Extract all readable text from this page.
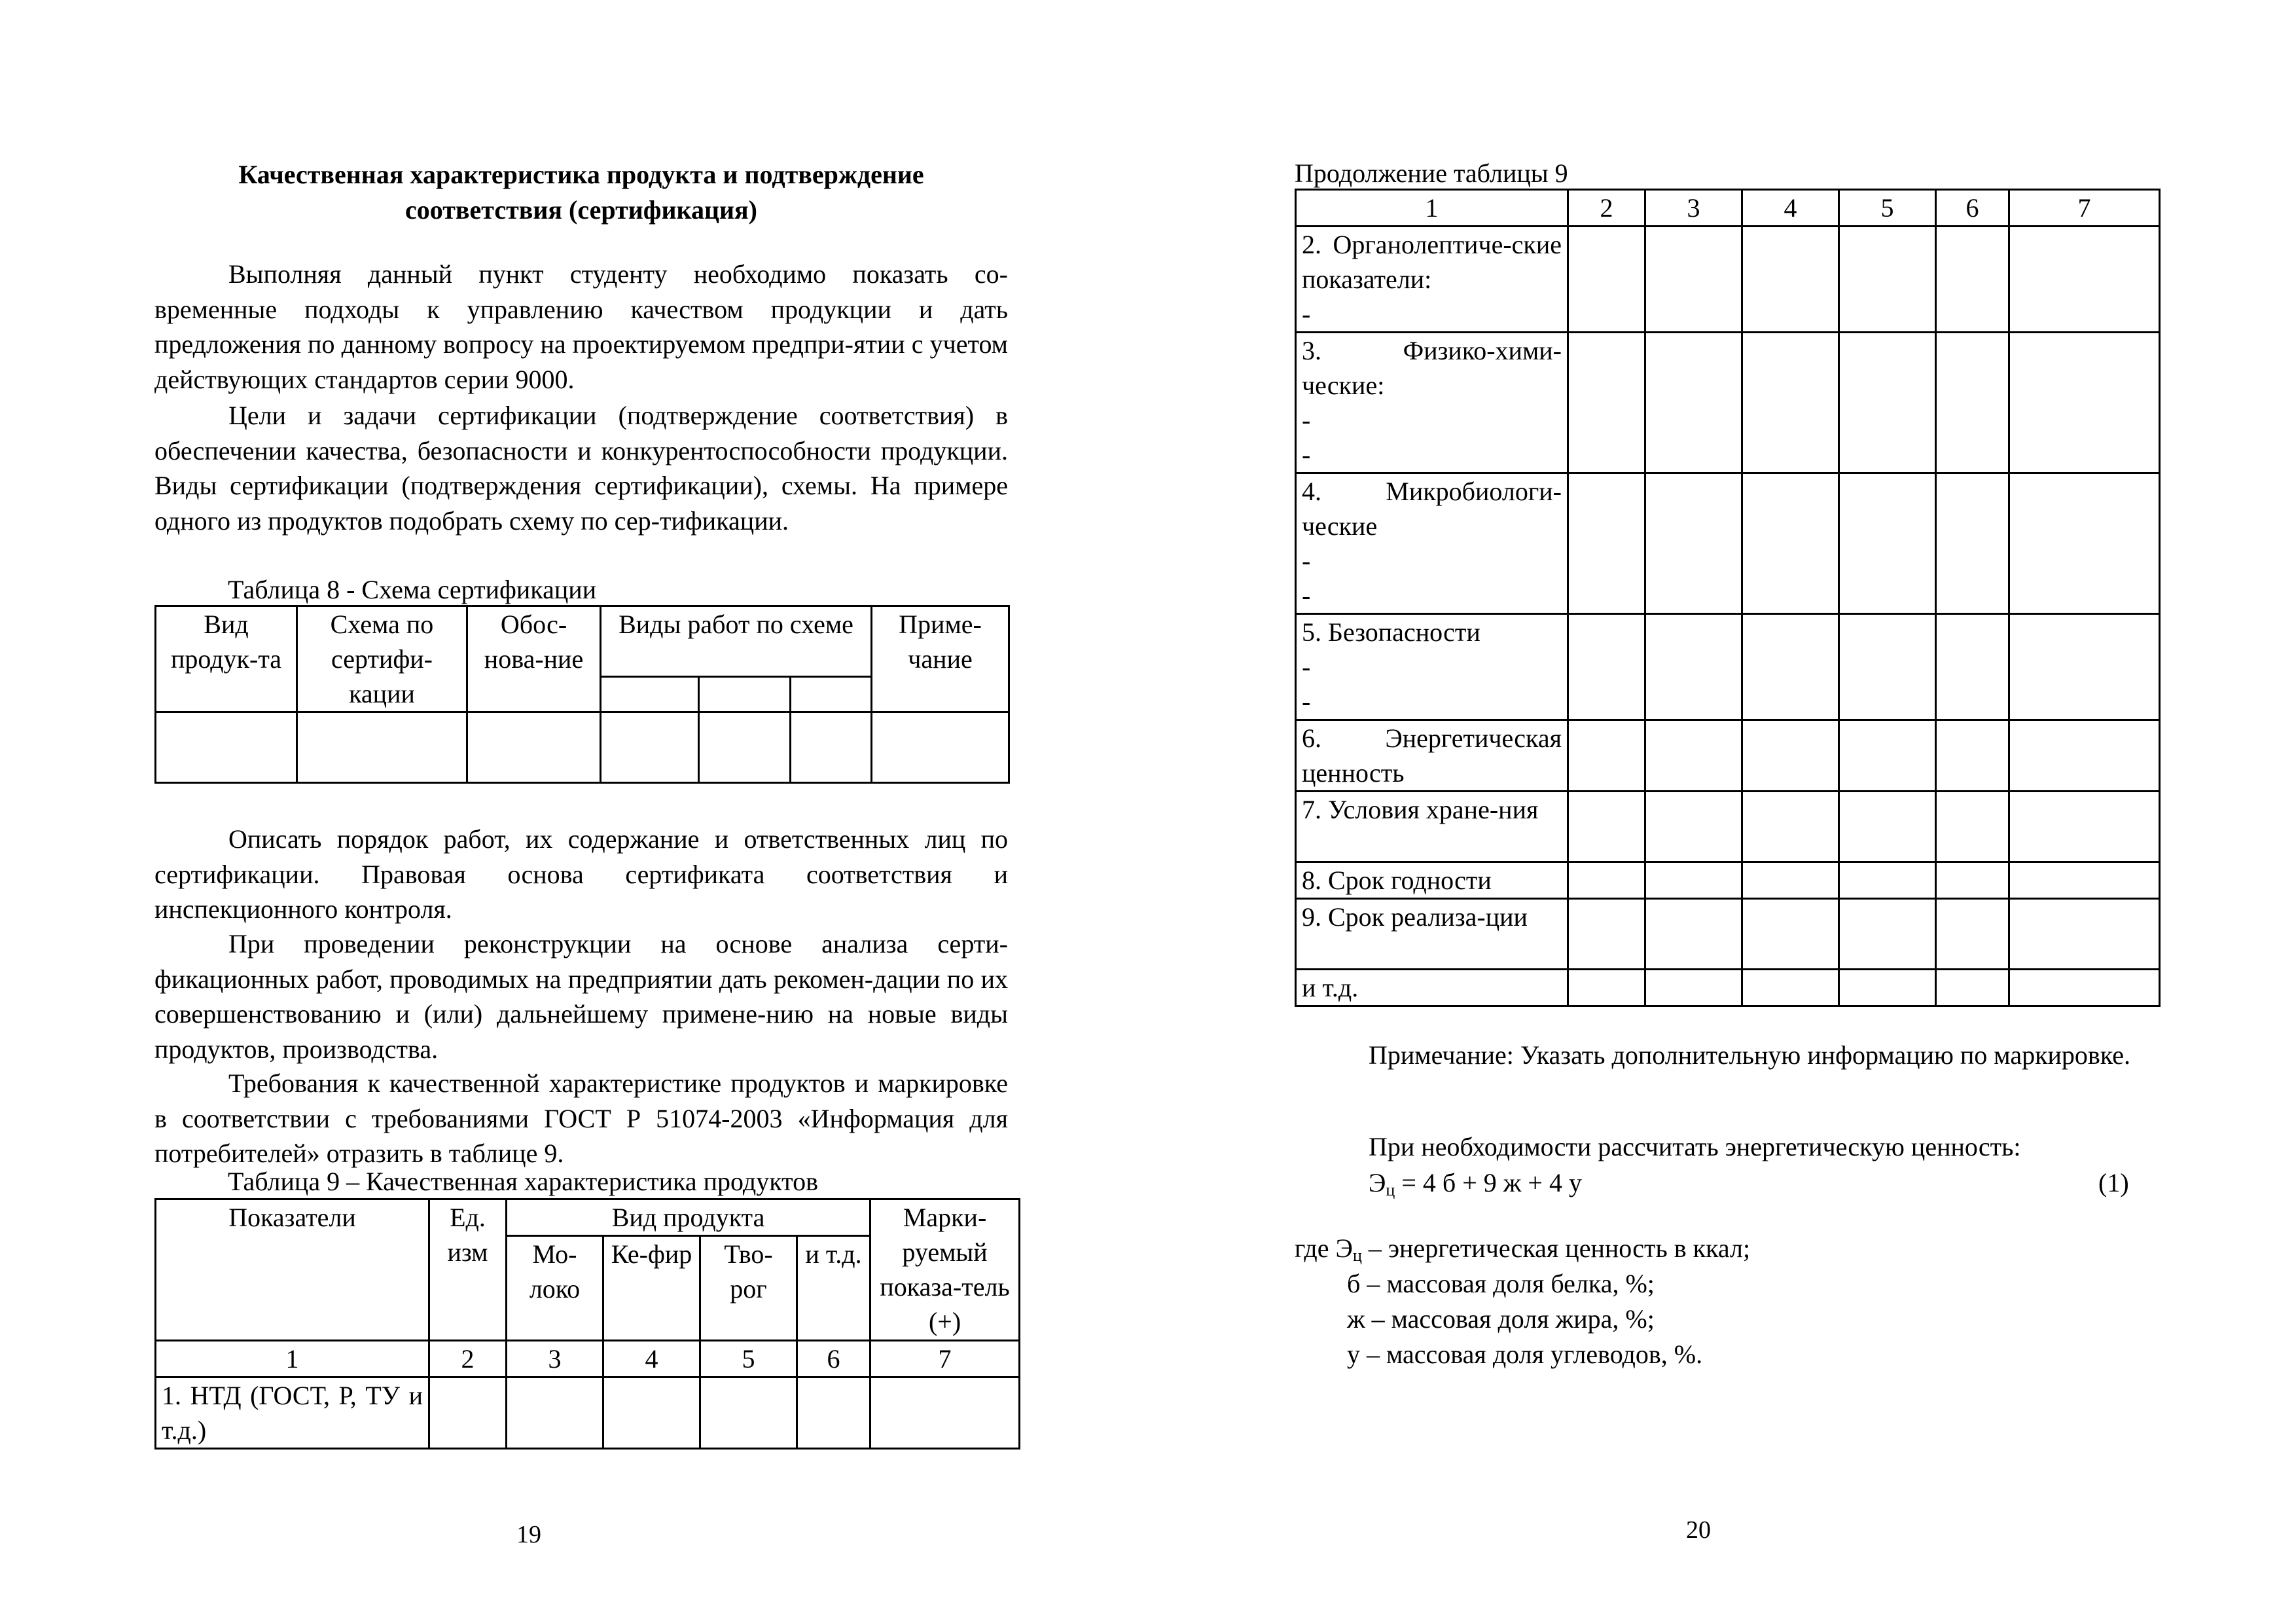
Качественная характеристика продукта и подтверждение
соответствия (сертификация)
Выполняя данный пункт студенту необходимо показать со-временные подходы к управлению качеством продукции и дать предложения по данному вопросу на проектируемом предпри-ятии с учетом действующих стандартов серии 9000.
Цели и задачи сертификации (подтверждение соответствия) в обеспечении качества, безопасности и конкурентоспособности продукции. Виды сертификации (подтверждения сертификации), схемы. На примере одного из продуктов подобрать схему по сер-тификации.
Таблица 8 - Схема сертификации
Вид продук-та	Схема по сертифи-кации	Обос-нова-ние	Виды работ по схеме			Приме-чание

Описать порядок работ, их содержание и ответственных лиц по сертификации. Правовая основа сертификата соответствия и инспекционного контроля.
При проведении реконструкции на основе анализа серти-фикационных работ, проводимых на предприятии дать рекомен-дации по их совершенствованию и (или) дальнейшему примене-нию на новые виды продуктов, производства.
Требования к качественной характеристике продуктов и маркировке в соответствии с требованиями ГОСТ Р 51074-2003 «Информация для потребителей» отразить в таблице 9.
Таблица 9 – Качественная характеристика продуктов
Показатели	Ед. изм	Вид продукта				Марки-руемый показа-тель (+)
		Мо-локо	Ке-фир	Тво-рог	и т.д.	
1	2	3	4	5	6	7
1. НТД (ГОСТ, Р, ТУ и т.д.)						
19
Продолжение таблицы 9
1	2	3	4	5	6	7

2. Органолептиче-ские показатели:
-						

3. Физико-хими-ческие:
-
-						

4. Микробиологи-ческие
-
-						

5. Безопасности
-
-						

6. Энергетическая ценность						

7. Условия хране-ния						

8. Срок годности						

9. Срок реализа-ции						

и т.д.						

Примечание: Указать дополнительную информацию по маркировке.
При необходимости рассчитать энергетическую ценность:
$Э_ц = 4$ б + 9 ж + 4 у	(1)
где $Э_ц$ – энергетическая ценность в ккал;
б – массовая доля белка, %;
ж – массовая доля жира, %;
у – массовая доля углеводов, %.
20
